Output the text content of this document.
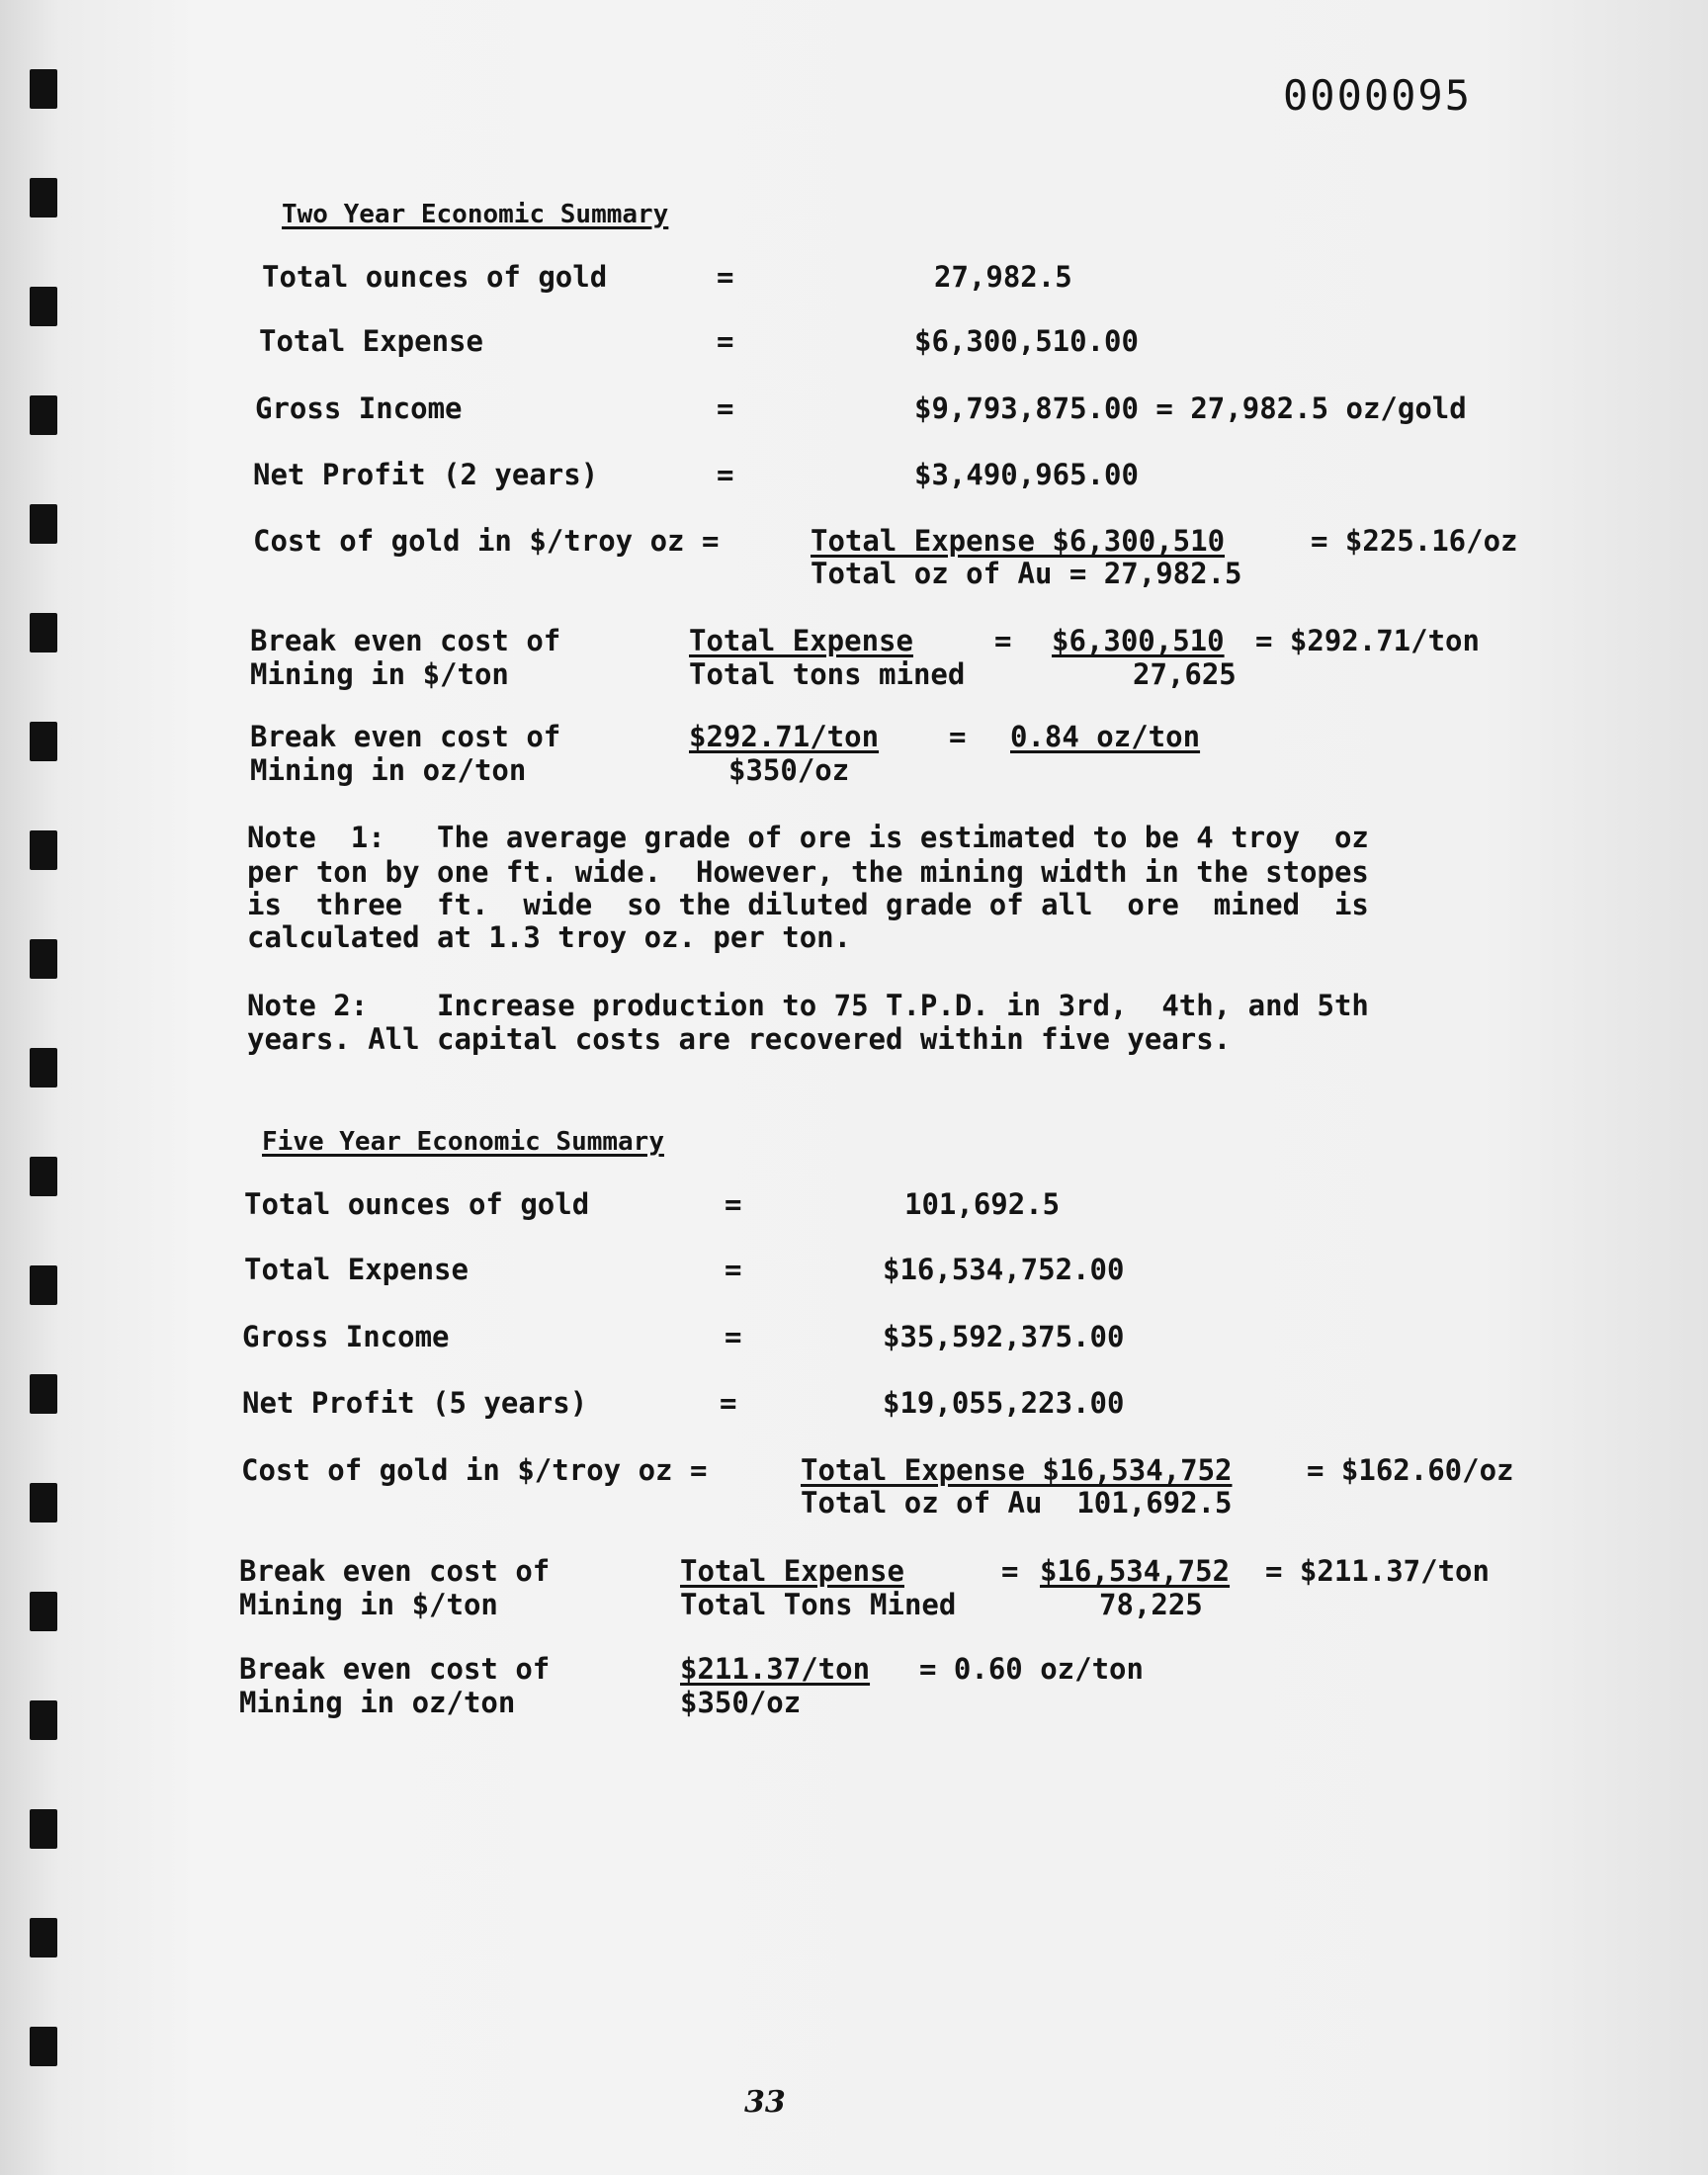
0000095
Two Year Economic Summary
Total ounces of gold	=	27,982.5
Total Expense	=	$6,300,510.00
Gross Income	=	$9,793,875.00 = 27,982.5 oz/gold
Net Profit (2 years)	=	$3,490,965.00
Cost of gold in $/troy oz =	Total Expense $6,300,510	= $225.16/oz
Total oz of Au = 27,982.5
Break even cost of
Mining in $/ton
Total Expense	= $6,300,510 = $292.71/ton
Total tons mined	27,625
Break even cost of
Mining in oz/ton
$292.71/ton = 0.84 oz/ton
$350/oz
Note  1:   The average grade of ore is estimated to be 4 troy  oz
per ton by one ft. wide.  However, the mining width in the stopes
is  three  ft.  wide  so the diluted grade of all  ore  mined  is
calculated at 1.3 troy oz. per ton.
Note 2:    Increase production to 75 T.P.D. in 3rd,  4th, and 5th
years. All capital costs are recovered within five years.
Five Year Economic Summary
Total ounces of gold	=	101,692.5
Total Expense	=	$16,534,752.00
Gross Income	=	$35,592,375.00
Net Profit (5 years)	=	$19,055,223.00
Cost of gold in $/troy oz =	Total Expense $16,534,752	= $162.60/oz
Total oz of Au  101,692.5
Break even cost of
Mining in $/ton
Total Expense	= $16,534,752 = $211.37/ton
Total Tons Mined	78,225
Break even cost of
Mining in oz/ton
$211.37/ton = 0.60 oz/ton
$350/oz
33
